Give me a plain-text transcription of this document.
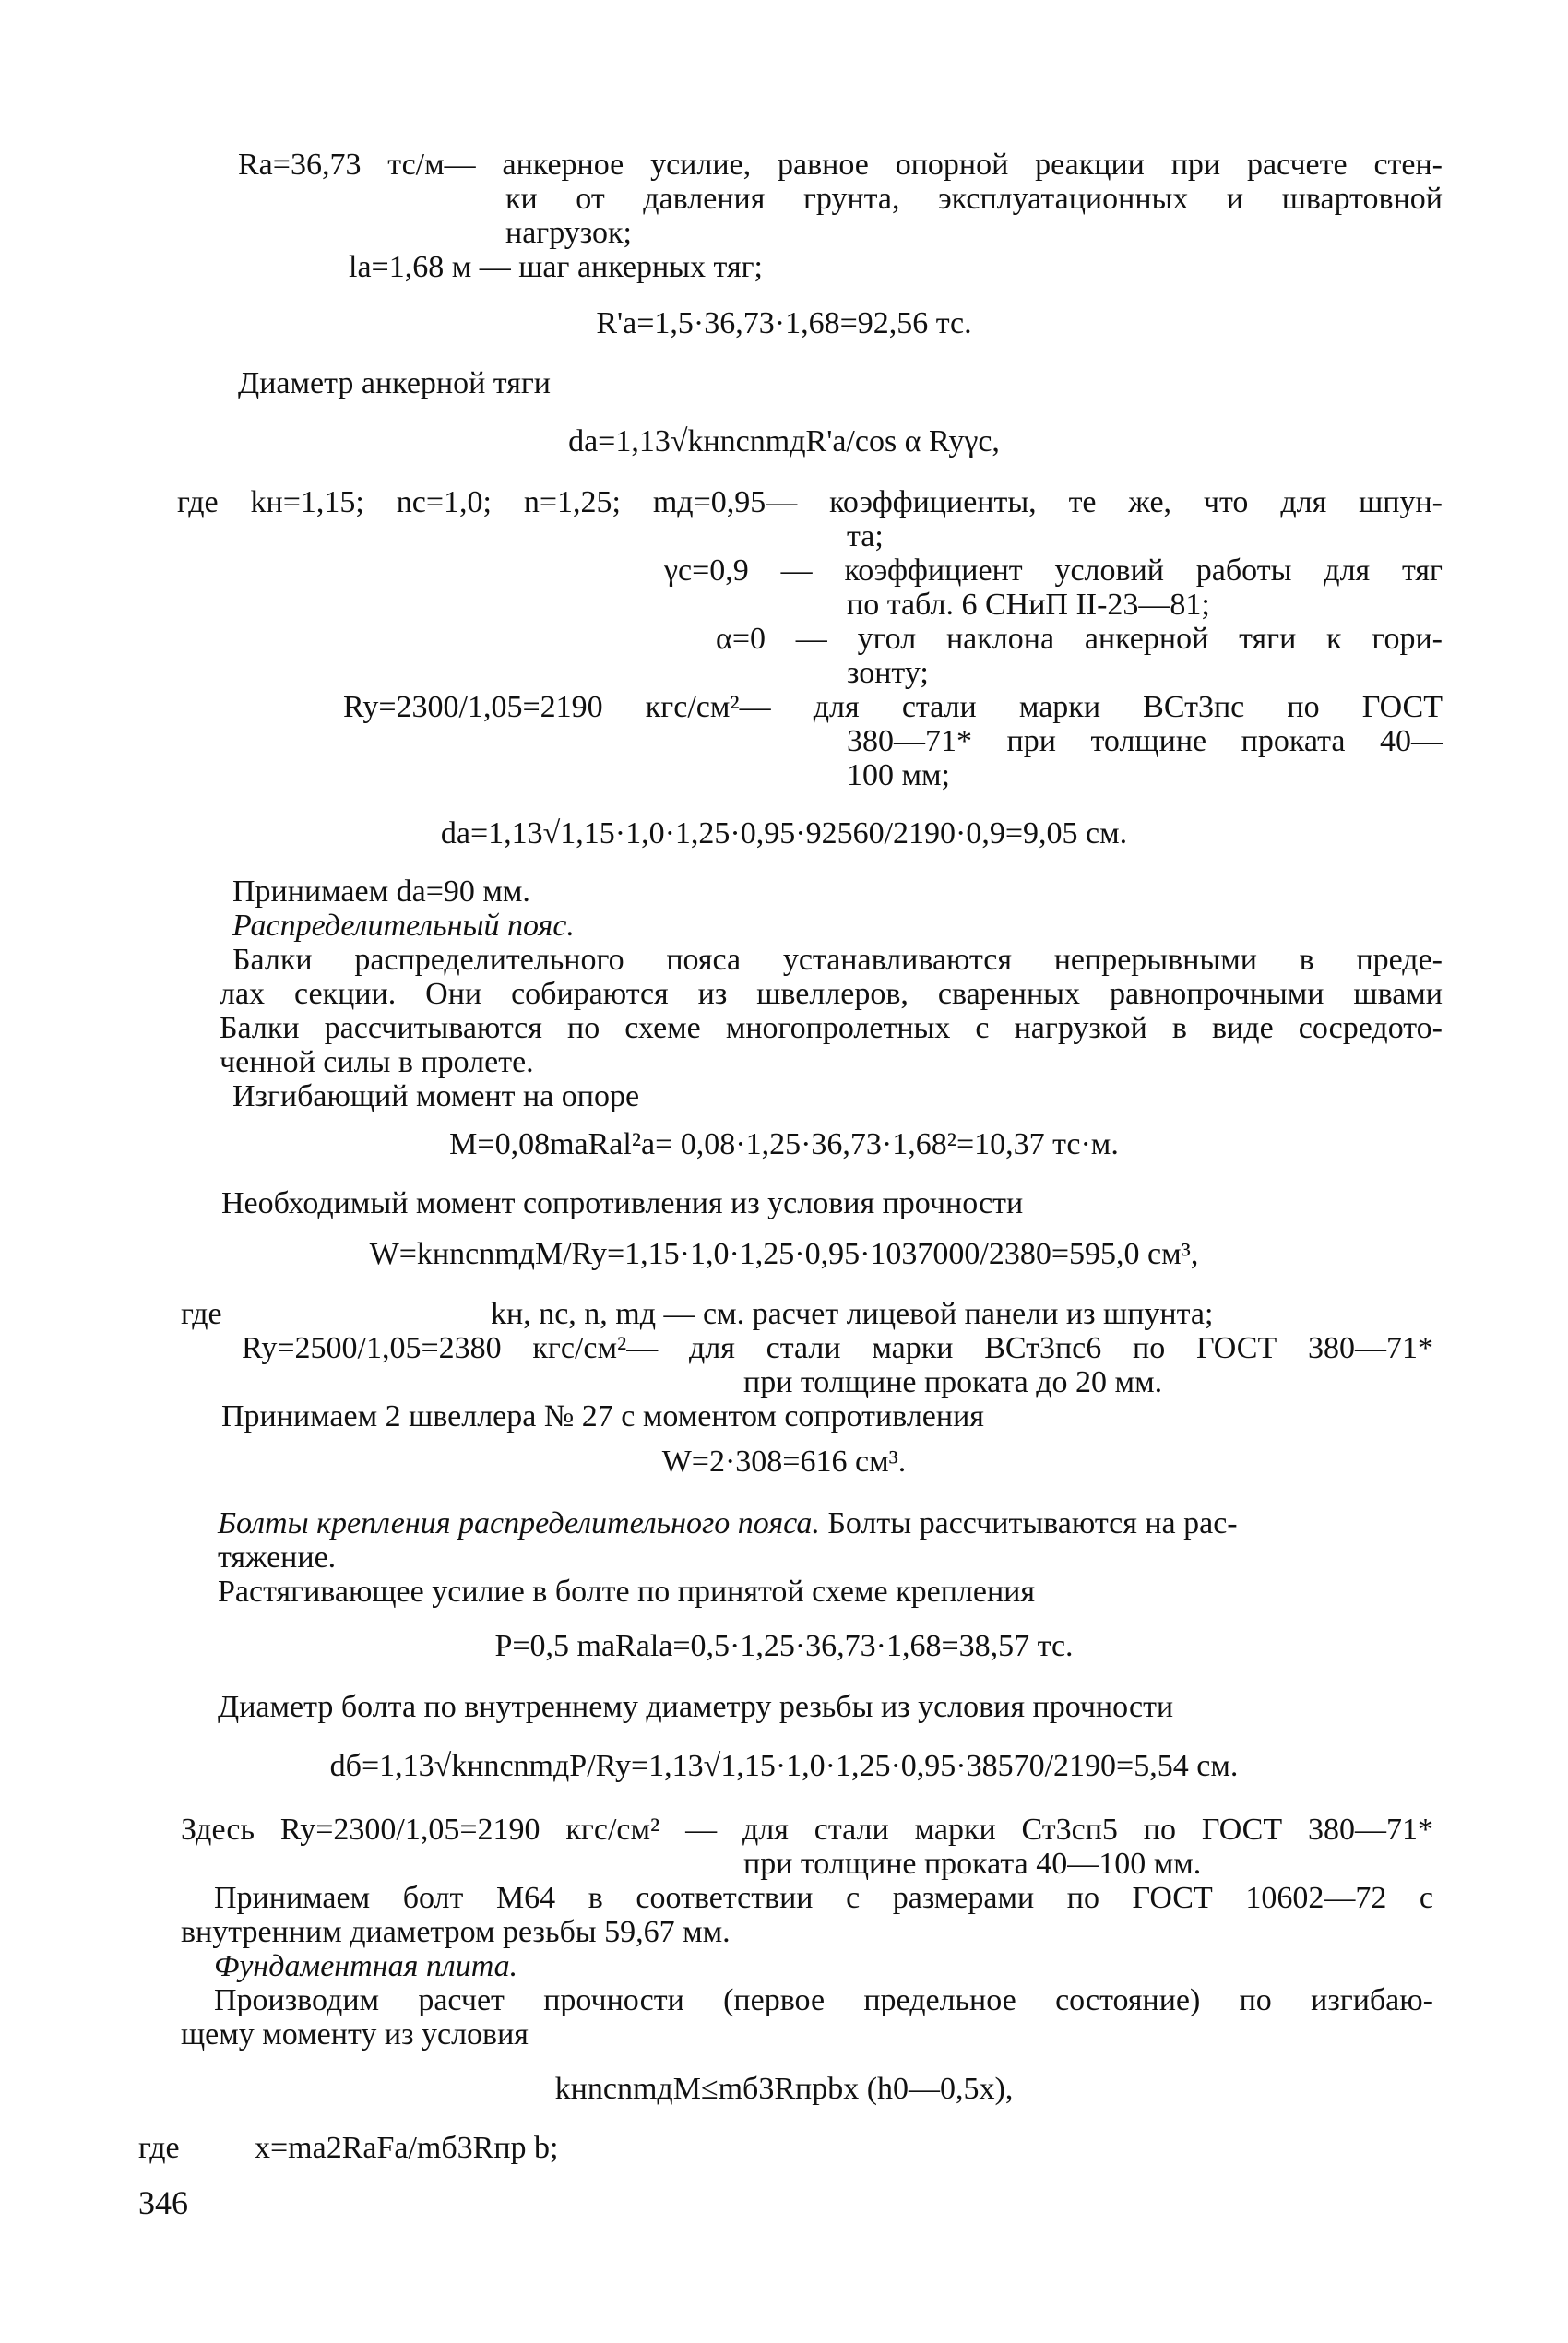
Rа=36,73 тс/м— анкерное усилие, равное опорной реакции при расчете стен-
ки от давления грунта, эксплуатационных и швартовной
нагрузок;
lа=1,68 м — шаг анкерных тяг;
R'а=1,5·36,73·1,68=92,56 тс.
Диаметр анкерной тяги
dа=1,13√kнnсnmдR'а/cos α Ryγc,
где kн=1,15; nс=1,0; n=1,25; mд=0,95— коэффициенты, те же, что для шпун-
та;
γс=0,9 — коэффициент условий работы для тяг
по табл. 6 СНиП II-23—81;
α=0 — угол наклона анкерной тяги к гори-
зонту;
Ry=2300/1,05=2190 кгс/см²— для стали марки ВСт3пс по ГОСТ
380—71* при толщине проката 40—
100 мм;
dа=1,13√1,15·1,0·1,25·0,95·92560/2190·0,9=9,05 см.
Принимаем dа=90 мм.
Распределительный пояс.
Балки распределительного пояса устанавливаются непрерывными в преде-
лах секции. Они собираются из швеллеров, сваренных равнопрочными швами
Балки рассчитываются по схеме многопролетных с нагрузкой в виде сосредото-
ченной силы в пролете.
Изгибающий момент на опоре
M=0,08mаRаl²а= 0,08·1,25·36,73·1,68²=10,37 тс·м.
Необходимый момент сопротивления из условия прочности
W=kнnсnmдM/Ry=1,15·1,0·1,25·0,95·1037000/2380=595,0 см³,
где	kн, nс, n, mд — см. расчет лицевой панели из шпунта;
Ry=2500/1,05=2380 кгс/см²— для стали марки ВСт3пс6 по ГОСТ 380—71*
при толщине проката до 20 мм.
Принимаем 2 швеллера № 27 с моментом сопротивления
W=2·308=616 см³.
Болты крепления распределительного пояса. Болты рассчитываются на рас-
тяжение.
Растягивающее усилие в болте по принятой схеме крепления
P=0,5 mаRаlа=0,5·1,25·36,73·1,68=38,57 тс.
Диаметр болта по внутреннему диаметру резьбы из условия прочности
dб=1,13√kнnсnmдP/Ry=1,13√1,15·1,0·1,25·0,95·38570/2190=5,54 см.
Здесь Ry=2300/1,05=2190 кгс/см² — для стали марки Ст3сп5 по ГОСТ 380—71*
при толщине проката 40—100 мм.
Принимаем болт М64 в соответствии с размерами по ГОСТ 10602—72 с
внутренним диаметром резьбы 59,67 мм.
Фундаментная плита.
Производим расчет прочности (первое предельное состояние) по изгибаю-
щему моменту из условия
kнnсnmдM≤mб3Rпрbx (h0—0,5x),
где x=mа2RаFа/mб3Rпр b;
346
